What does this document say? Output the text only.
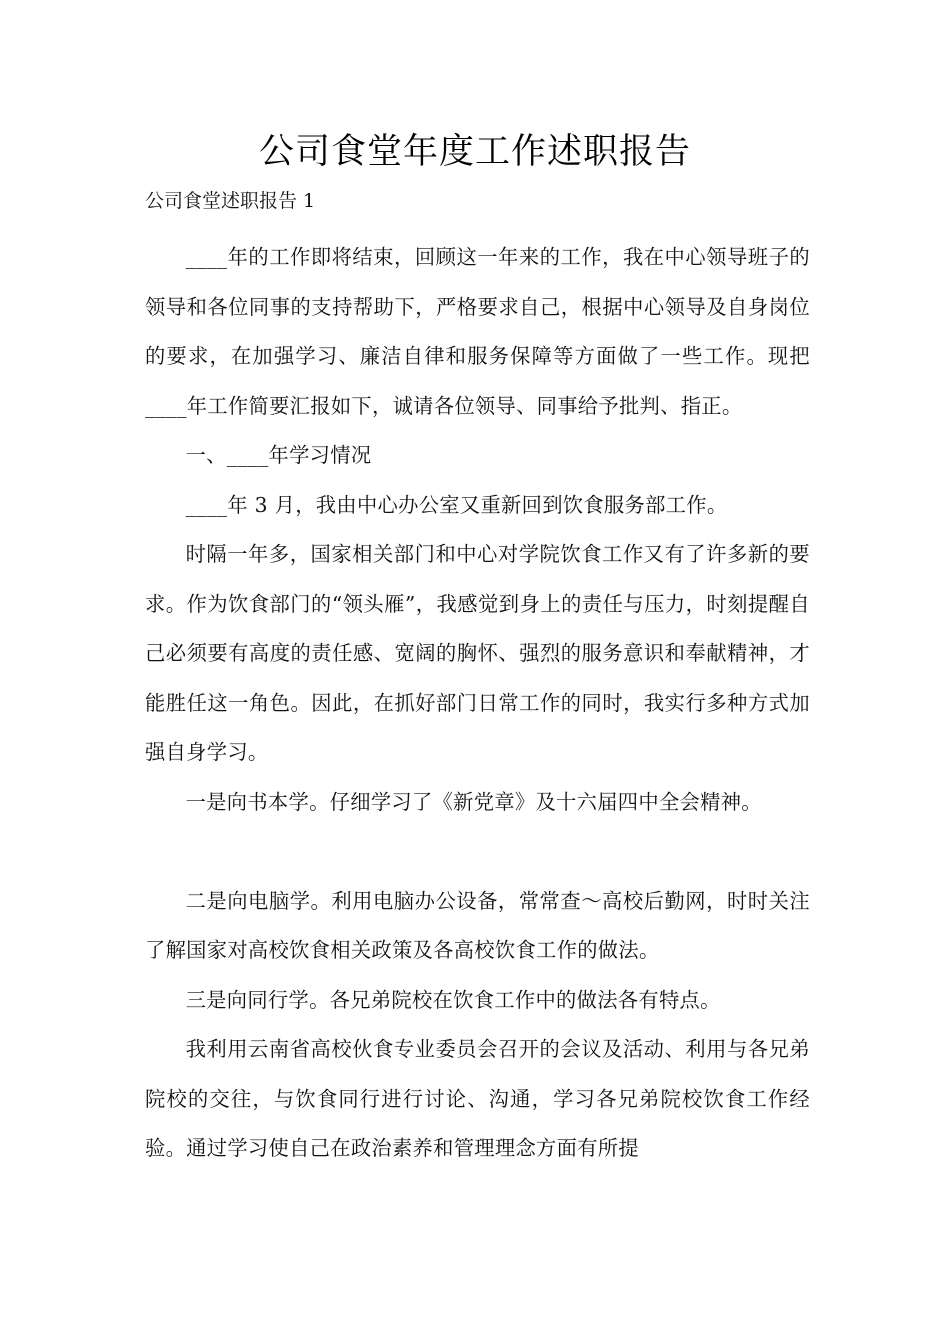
公司食堂年度工作述职报告
公司食堂述职报告 1

____年的工作即将结束，回顾这一年来的工作，我在中心领导班子的领导和各位同事的支持帮助下，严格要求自己，根据中心领导及自身岗位的要求，在加强学习、廉洁自律和服务保障等方面做了一些工作。现把____年工作简要汇报如下，诚请各位领导、同事给予批判、指正。

一、____年学习情况

____年 3 月，我由中心办公室又重新回到饮食服务部工作。

时隔一年多，国家相关部门和中心对学院饮食工作又有了许多新的要求。作为饮食部门的“领头雁”，我感觉到身上的责任与压力，时刻提醒自己必须要有高度的责任感、宽阔的胸怀、强烈的服务意识和奉献精神，才能胜任这一角色。因此，在抓好部门日常工作的同时，我实行多种方式加强自身学习。

一是向书本学。仔细学习了《新党章》及十六届四中全会精神。

二是向电脑学。利用电脑办公设备，常常查～高校后勤网，时时关注了解国家对高校饮食相关政策及各高校饮食工作的做法。

三是向同行学。各兄弟院校在饮食工作中的做法各有特点。

我利用云南省高校伙食专业委员会召开的会议及活动、利用与各兄弟院校的交往，与饮食同行进行讨论、沟通，学习各兄弟院校饮食工作经验。通过学习使自己在政治素养和管理理念方面有所提
